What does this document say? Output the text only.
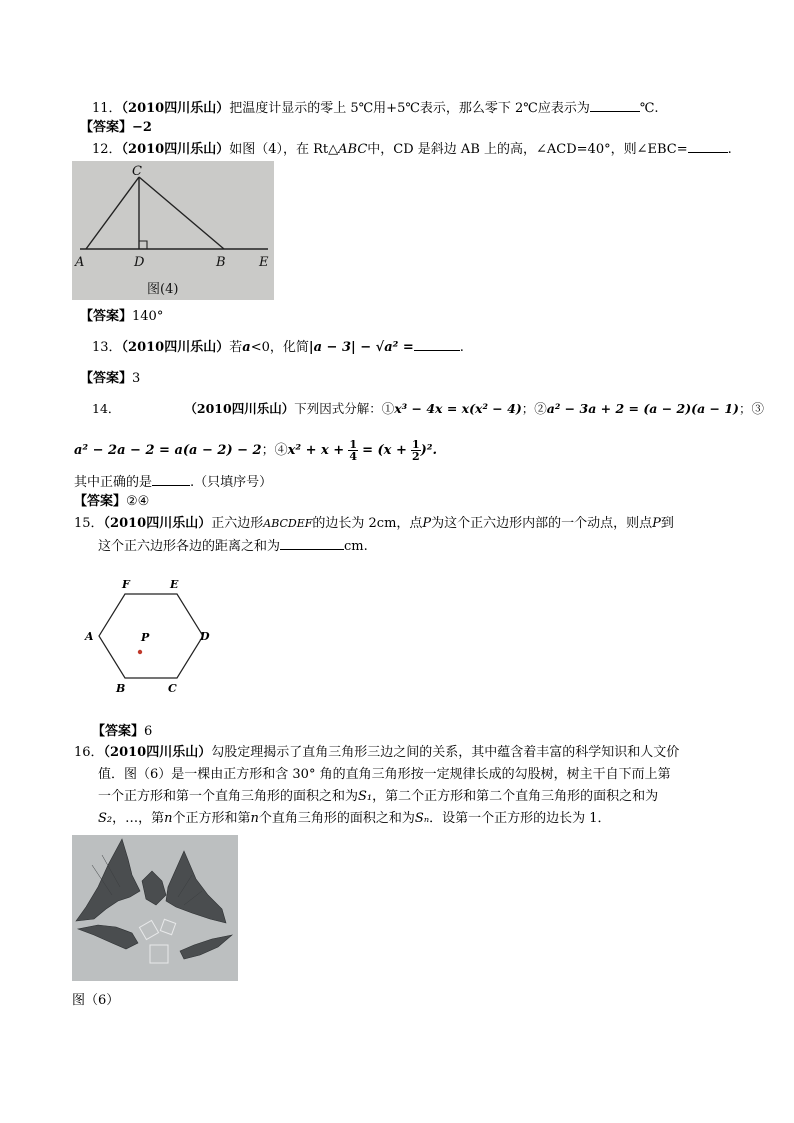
11．（2010四川乐山）把温度计显示的零上 5℃用+5℃表示，那么零下 2℃应表示为	℃.
【答案】−2
12．（2010四川乐山）如图（4），在 Rt△ABC中，CD 是斜边 AB 上的高，∠ACD=40°，则∠EBC=	.
C
A	D	B	E
图(4)
【答案】140°
13．（2010四川乐山）若a<0，化简|a − 3| − √a² =	.
【答案】3
14．	（2010四川乐山）下列因式分解：①x³ − 4x = x(x² − 4)；②a² − 3a + 2 = (a − 2)(a − 1)；③
a² − 2a − 2 = a(a − 2) − 2；④x² + $x + \frac{1}{4} = (x + \frac{1}{2} )^2$.
其中正确的是	.（只填序号）
【答案】②④
15．（2010四川乐山）正六边形ABCDEF的边长为 2cm，点P为这个正六边形内部的一个动点，则点P到
这个正六边形各边的距离之和为	cm.
F	E
A	D
B	C
P
【答案】6
16．（2010四川乐山）勾股定理揭示了直角三角形三边之间的关系，其中蕴含着丰富的科学知识和人文价
值．图（6）是一棵由正方形和含 30° 角的直角三角形按一定规律长成的勾股树，树主干自下而上第
一个正方形和第一个直角三角形的面积之和为S₁，第二个正方形和第二个直角三角形的面积之和为
S₂，…，第n个正方形和第n个直角三角形的面积之和为Sₙ．设第一个正方形的边长为 1．
图（6）
